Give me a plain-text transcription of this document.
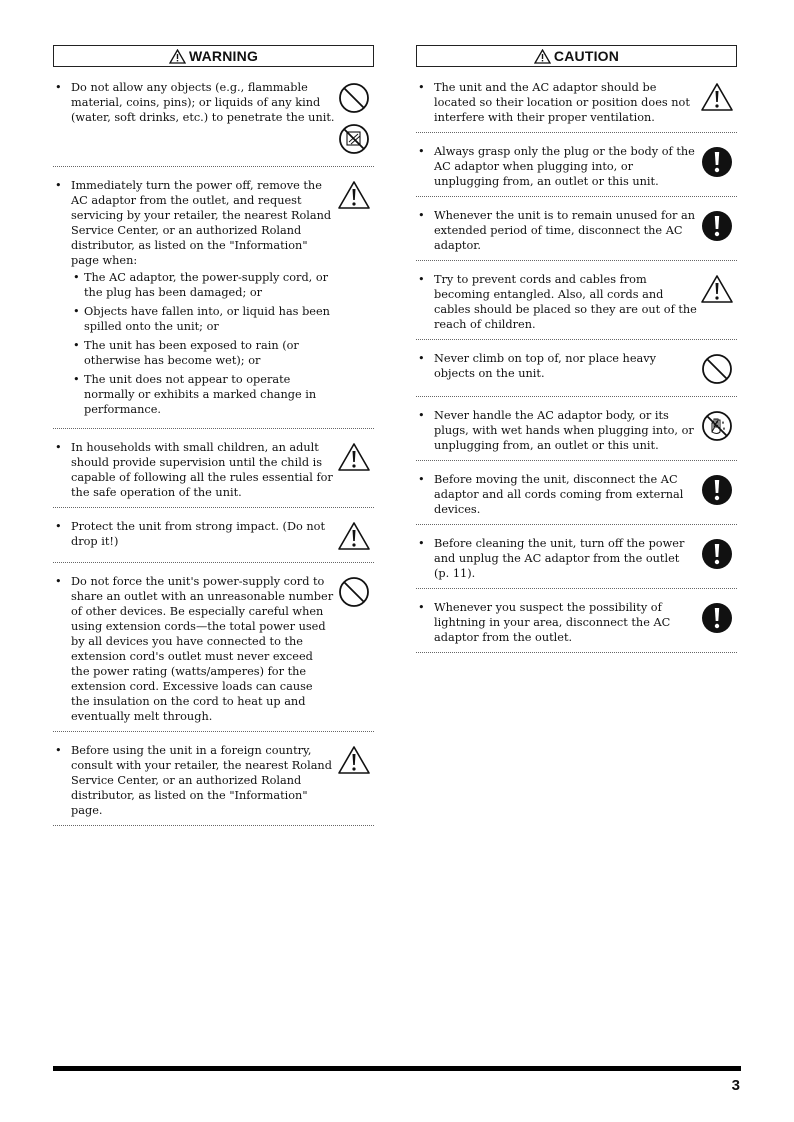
WARNING
• Do not allow any objects (e.g., flammable material, coins, pins); or liquids of any kind (water, soft drinks, etc.) to penetrate the unit.
• Immediately turn the power off, remove the AC adaptor from the outlet, and request servicing by your retailer, the nearest Roland Service Center, or an authorized Roland distributor, as listed on the "Information" page when:
• The AC adaptor, the power-supply cord, or the plug has been damaged; or
• Objects have fallen into, or liquid has been spilled onto the unit; or
• The unit has been exposed to rain (or otherwise has become wet); or
• The unit does not appear to operate normally or exhibits a marked change in performance.
• In households with small children, an adult should provide supervision until the child is capable of following all the rules essential for the safe operation of the unit.
• Protect the unit from strong impact. (Do not drop it!)
• Do not force the unit's power-supply cord to share an outlet with an unreasonable number of other devices. Be especially careful when using extension cords—the total power used by all devices you have connected to the extension cord's outlet must never exceed the power rating (watts/amperes) for the extension cord. Excessive loads can cause the insulation on the cord to heat up and eventually melt through.
• Before using the unit in a foreign country, consult with your retailer, the nearest Roland Service Center, or an authorized Roland distributor, as listed on the "Information" page.
CAUTION
• The unit and the AC adaptor should be located so their location or position does not interfere with their proper ventilation.
• Always grasp only the plug or the body of the AC adaptor when plugging into, or unplugging from, an outlet or this unit.
• Whenever the unit is to remain unused for an extended period of time, disconnect the AC adaptor.
• Try to prevent cords and cables from becoming entangled. Also, all cords and cables should be placed so they are out of the reach of children.
• Never climb on top of, nor place heavy objects on the unit.
• Never handle the AC adaptor body, or its plugs, with wet hands when plugging into, or unplugging from, an outlet or this unit.
• Before moving the unit, disconnect the AC adaptor and all cords coming from external devices.
• Before cleaning the unit, turn off the power and unplug the AC adaptor from the outlet (p. 11).
• Whenever you suspect the possibility of lightning in your area, disconnect the AC adaptor from the outlet.
3
